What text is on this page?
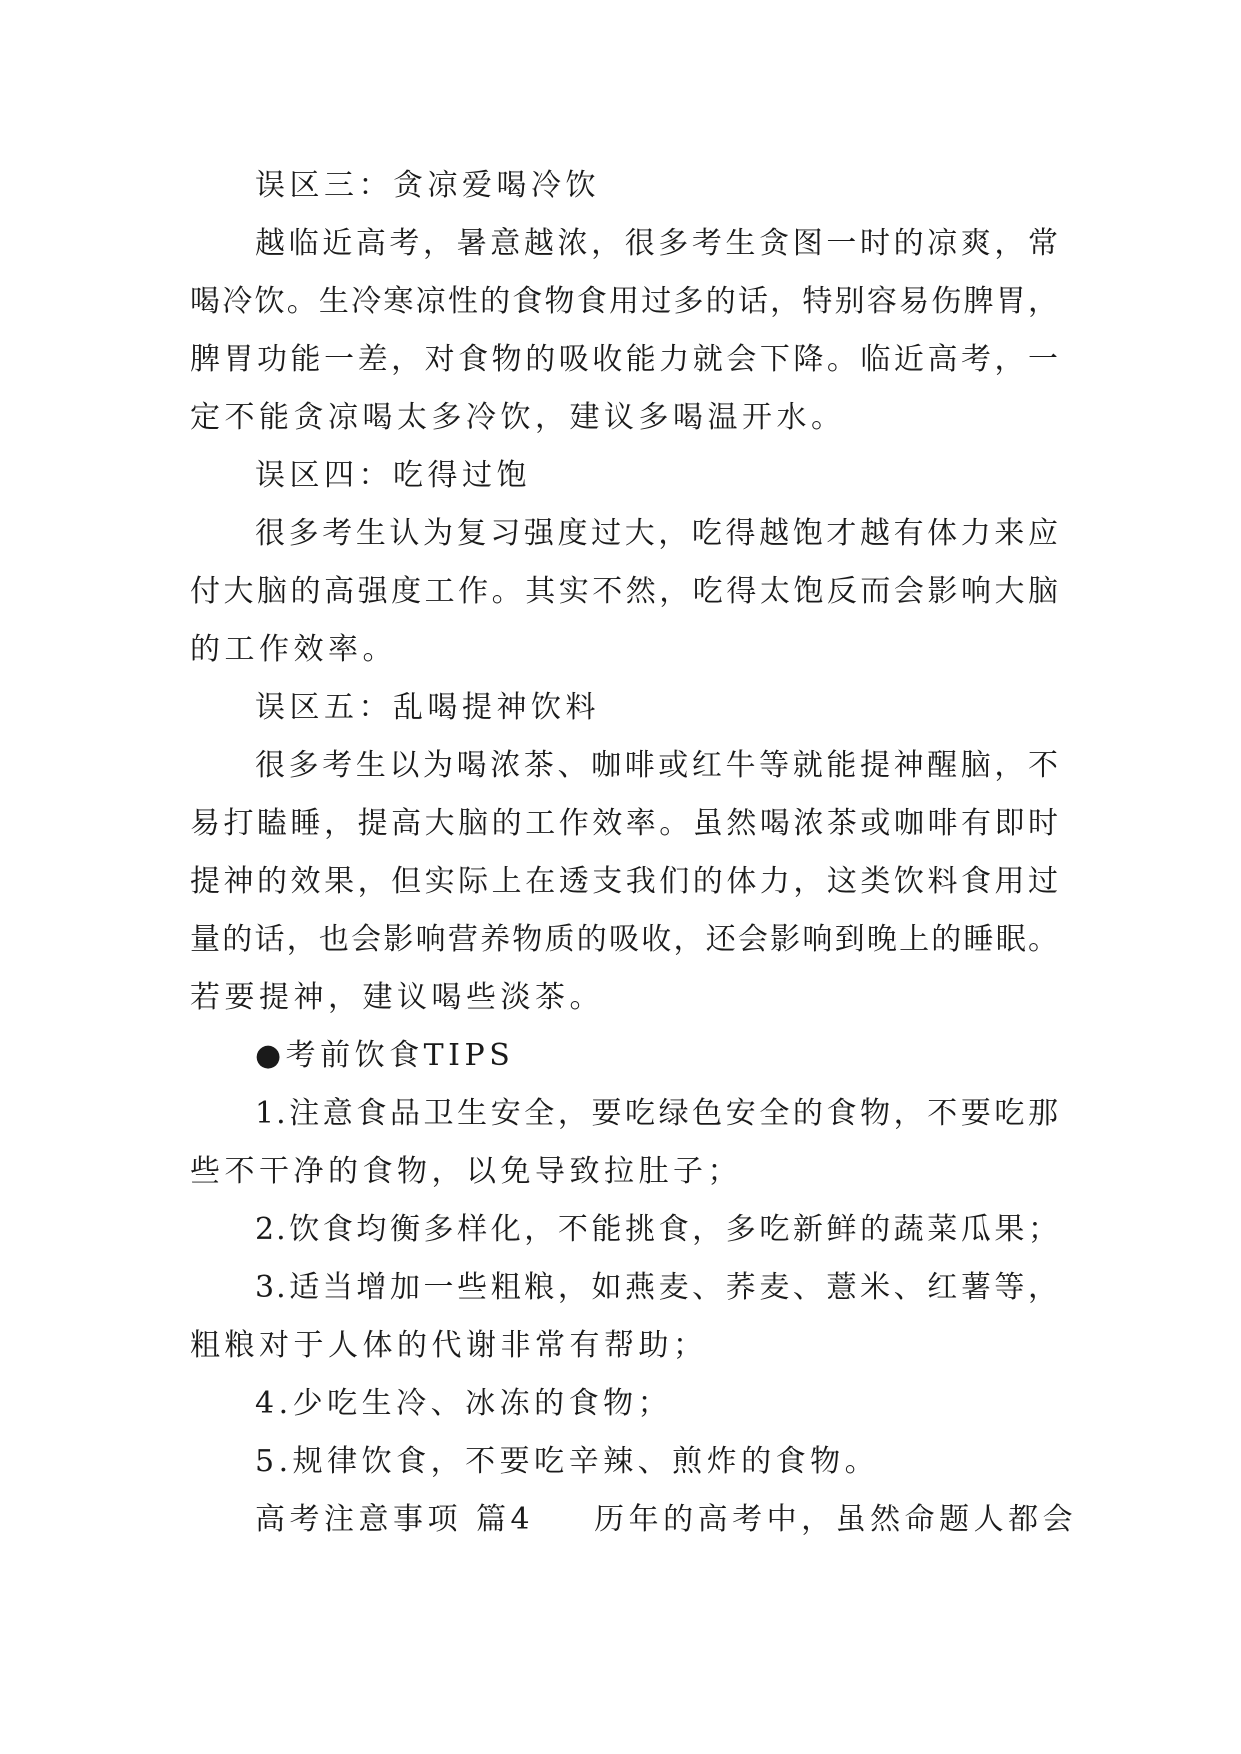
误区三：贪凉爱喝冷饮

越临近高考，暑意越浓，很多考生贪图一时的凉爽，常

喝冷饮。生冷寒凉性的食物食用过多的话，特别容易伤脾胃，

脾胃功能一差，对食物的吸收能力就会下降。临近高考，一

定不能贪凉喝太多冷饮，建议多喝温开水。

误区四：吃得过饱

很多考生认为复习强度过大，吃得越饱才越有体力来应

付大脑的高强度工作。其实不然，吃得太饱反而会影响大脑

的工作效率。

误区五：乱喝提神饮料

很多考生以为喝浓茶、咖啡或红牛等就能提神醒脑，不

易打瞌睡，提高大脑的工作效率。虽然喝浓茶或咖啡有即时

提神的效果，但实际上在透支我们的体力，这类饮料食用过

量的话，也会影响营养物质的吸收，还会影响到晚上的睡眠。

若要提神，建议喝些淡茶。

●考前饮食TIPS

1.注意食品卫生安全，要吃绿色安全的食物，不要吃那

些不干净的食物，以免导致拉肚子；

2.饮食均衡多样化，不能挑食，多吃新鲜的蔬菜瓜果；

3.适当增加一些粗粮，如燕麦、荞麦、薏米、红薯等，

粗粮对于人体的代谢非常有帮助；

4.少吃生冷、冰冻的食物；

5.规律饮食，不要吃辛辣、煎炸的食物。

高考注意事项 篇4 历年的高考中，虽然命题人都会
